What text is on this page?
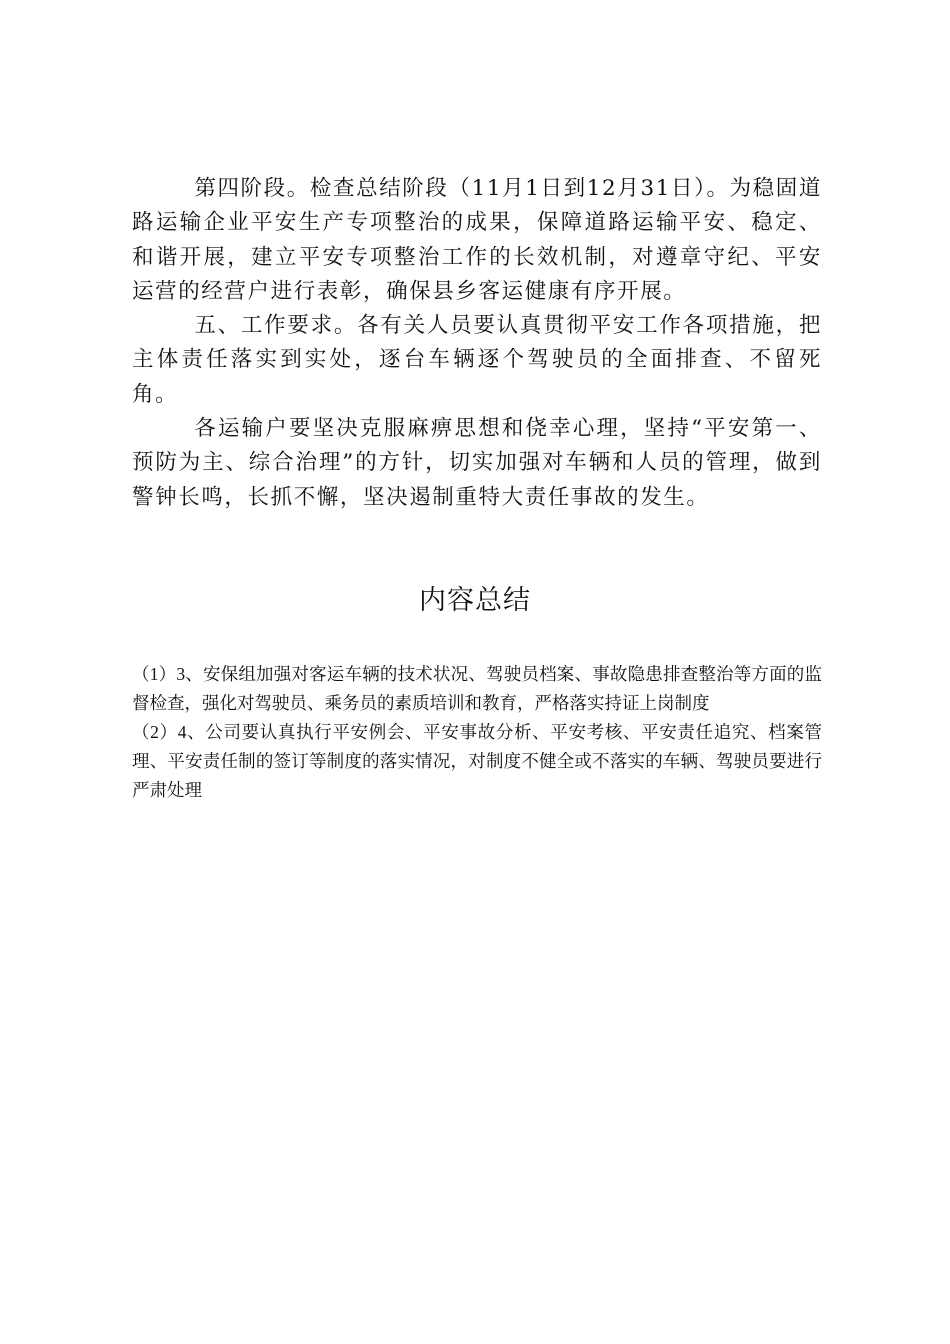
第四阶段。检查总结阶段（11月1日到12月31日）。为稳固道路运输企业平安生产专项整治的成果，保障道路运输平安、稳定、和谐开展，建立平安专项整治工作的长效机制，对遵章守纪、平安运营的经营户进行表彰，确保县乡客运健康有序开展。

五、工作要求。各有关人员要认真贯彻平安工作各项措施，把主体责任落实到实处，逐台车辆逐个驾驶员的全面排查、不留死角。

各运输户要坚决克服麻痹思想和侥幸心理，坚持“平安第一、预防为主、综合治理”的方针，切实加强对车辆和人员的管理，做到警钟长鸣，长抓不懈，坚决遏制重特大责任事故的发生。

内容总结

（1）3、安保组加强对客运车辆的技术状况、驾驶员档案、事故隐患排查整治等方面的监督检查，强化对驾驶员、乘务员的素质培训和教育，严格落实持证上岗制度

（2）4、公司要认真执行平安例会、平安事故分析、平安考核、平安责任追究、档案管理、平安责任制的签订等制度的落实情况，对制度不健全或不落实的车辆、驾驶员要进行严肃处理
